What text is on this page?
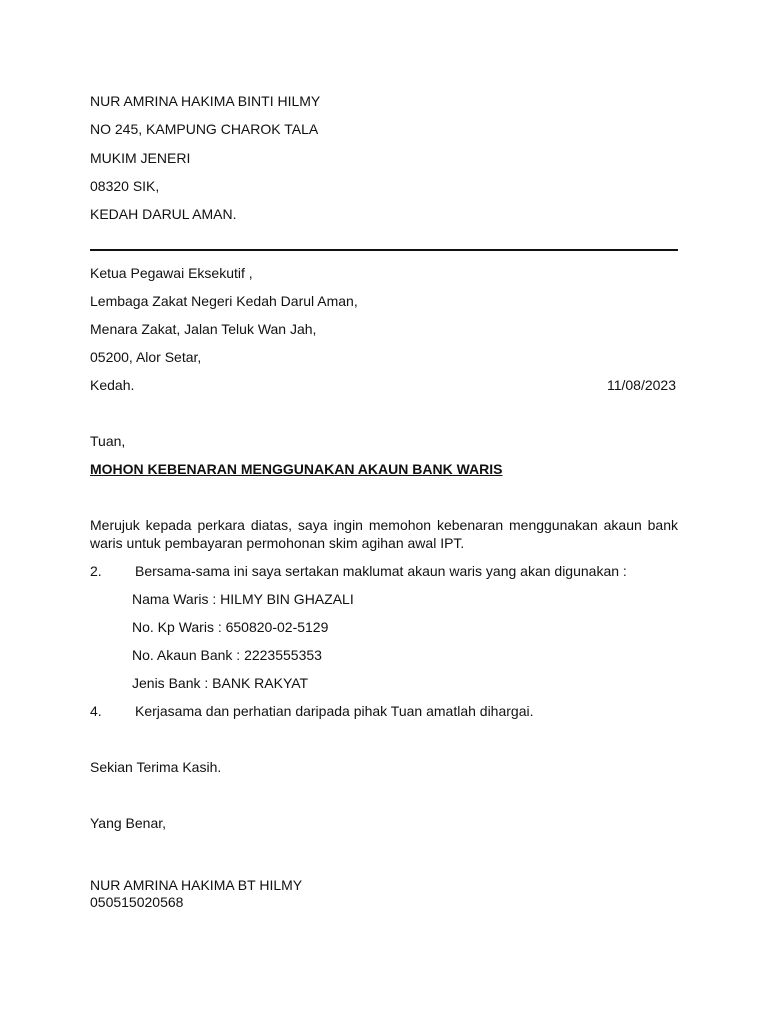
NUR AMRINA HAKIMA BINTI HILMY
NO 245, KAMPUNG CHAROK TALA
MUKIM JENERI
08320 SIK,
KEDAH DARUL AMAN.
Ketua Pegawai Eksekutif ,
Lembaga Zakat Negeri Kedah Darul Aman,
Menara Zakat, Jalan Teluk Wan Jah,
05200, Alor Setar,
Kedah.	11/08/2023
Tuan,
MOHON KEBENARAN MENGGUNAKAN AKAUN BANK WARIS
Merujuk kepada perkara diatas, saya ingin memohon kebenaran menggunakan akaun bank
waris untuk pembayaran permohonan skim agihan awal IPT.
2. Bersama-sama ini saya sertakan maklumat akaun waris yang akan digunakan :
Nama Waris : HILMY BIN GHAZALI
No. Kp Waris : 650820-02-5129
No. Akaun Bank : 2223555353
Jenis Bank : BANK RAKYAT
4. Kerjasama dan perhatian daripada pihak Tuan amatlah dihargai.
Sekian Terima Kasih.
Yang Benar,
NUR AMRINA HAKIMA BT HILMY
050515020568
